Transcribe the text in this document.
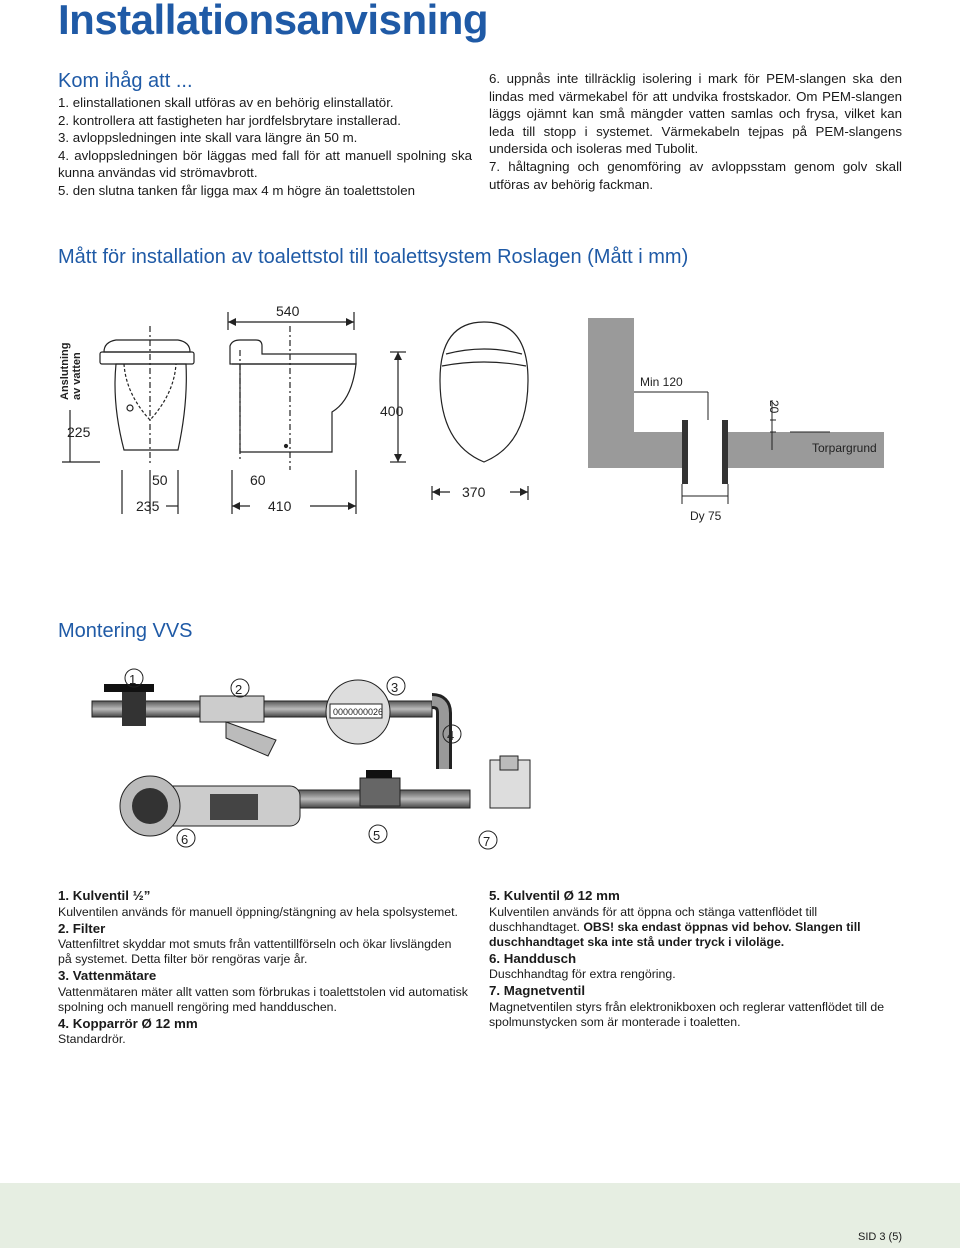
Installationsanvisning
Kom ihåg att ...

1. elinstallationen skall utföras av en behörig elinstallatör.

2. kontrollera att fastigheten har jordfelsbrytare installerad.

3. avloppsledningen inte skall vara längre än 50 m.

4. avloppsledningen bör läggas med fall för att manuell spolning ska kunna användas vid strömavbrott.

5. den slutna tanken får ligga max 4 m högre än toalettstolen

6. uppnås inte tillräcklig isolering i mark för PEM-slangen ska den lindas med värmekabel för att undvika frostskador. Om PEM-slangen läggs ojämnt kan små mängder vatten samlas och frysa, vilket kan leda till stopp i systemet. Värmekabeln tejpas på PEM-slangens undersida och isoleras med Tubolit.

7. håltagning och genomföring av avloppsstam genom golv skall utföras av behörig fackman.

Mått för installation av toalettstol till toalettsystem Roslagen (Mått i mm)
540
400
225
50
235
60
410
370
Min 120
Torpargrund
Dy 75
20
Anslutning av vatten
Montering VVS
0000000026
1
2	3
4
5
6	7

1. Kulventil ½”

Kulventilen används för manuell öppning/stängning av hela spolsystemet.

2. Filter

Vattenfiltret skyddar mot smuts från vattentillförseln och ökar livslängden på systemet. Detta filter bör rengöras varje år.

3. Vattenmätare

Vattenmätaren mäter allt vatten som förbrukas i toalettstolen vid automatisk spolning och manuell rengöring med handduschen.

4. Kopparrör Ø 12 mm

Standardrör.

5. Kulventil Ø 12 mm

Kulventilen används för att öppna och stänga vattenflödet till duschhandtaget. OBS! ska endast öppnas vid behov. Slangen till duschhandtaget ska inte stå under tryck i viloläge.

6. Handdusch

Duschhandtag för extra rengöring.

7. Magnetventil

Magnetventilen styrs från elektronikboxen och reglerar vattenflödet till de spolmunstycken som är monterade i toaletten.

SID 3 (5)
